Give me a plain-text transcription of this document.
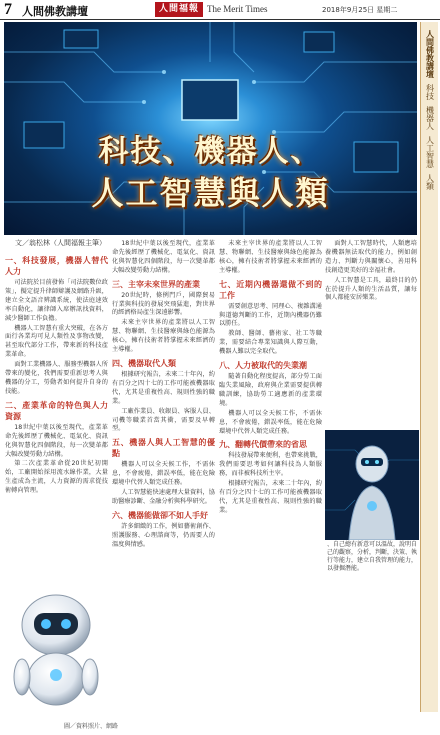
7 人間佛教講壇	人間福報 The Merit Times	2018年9月25日 星期二
科技、機器人、
人工智慧與人類
人間佛教講壇
科技
機器人
人工智慧
人類
文／翁松林（人間福報主筆）
一、科技發展，機器人替代人力

司法院於目前發佈「司法院數位政策」，擬定提升律師辯護及網路升級，建立全文語音辨識系統，使法庭速效率自動化，讓律師入席辦訊找資料，減少醫師工作負擔。

機器人工智慧有重大突破，在各方面行各業均可見人類性及事物改變，甚至取代部分工作，帶來新的科技產業革命。

面對工業機器人、服務型機器人所帶來的變化，我們需要重新思考人與機器的分工，勞動者如何提升自身的技能。

二、產業革命的特色與人力資源

18世紀中葉以後至現代，產業革命先後經歷了機械化、電氣化、資訊化與智慧化四個階段，每一次變革都大幅改變勞動力結構。

第二次產業革命從20世紀初開始，工廠開始採用流水線作業，大量生產成為主流，人力資源的需求從技術轉向管理。

圖／資料照片、網路

18世紀中葉以後至現代，產業革命先後經歷了機械化、電氣化、資訊化與智慧化四個階段，每一次變革都大幅改變勞動力結構。

三、主宰未來世界的產業

20世紀時，條例門戶，國際貿易行業與科技的發展突飛猛進，對世界的經濟格局產生深遠影響。

未來主宰世界的產業將以人工智慧、物聯網、生技醫療與綠色能源為核心，擁有技術者將掌握未來經濟的主導權。

四、機器取代人類

根據研究報告，未來二十年內，約有百分之四十七的工作可能被機器取代，尤其是重複性高、規則性強的職業。

工廠作業員、收銀員、客服人員、司機等職業首當其衝，需要及早轉型。

五、機器人與人工智慧的優點

機器人可以全天候工作，不需休息，不會疲倦，錯誤率低，能在危險環境中代替人類完成任務。

人工智慧能快速處理大量資料，協助醫療診斷、金融分析與科學研究。

六、機器能做卻不如人手好

許多細緻的工作，例如藝術創作、照護服務、心理諮商等，仍需要人的溫度與情感。

未來主宰世界的產業將以人工智慧、物聯網、生技醫療與綠色能源為核心，擁有技術者將掌握未來經濟的主導權。

七、近期內機器還做不到的工作

需要創意思考、同理心、複雜溝通與道德判斷的工作，近期內機器仍難以勝任。

教師、醫師、藝術家、社工等職業，需要結合專業知識與人際互動，機器人難以完全取代。

八、人力被取代的失業潮

隨著自動化程度提高，部分勞工面臨失業風險，政府與企業需要提供轉職訓練，協助勞工適應新的產業環境。

機器人可以全天候工作，不需休息，不會疲倦，錯誤率低，能在危險環境中代替人類完成任務。

九、翻轉代價帶來的省思

科技發展帶來便利，也帶來挑戰，我們需要思考如何讓科技為人類服務，而非被科技所主宰。

根據研究報告，未來二十年內，約有百分之四十七的工作可能被機器取代，尤其是重複性高、規則性強的職業。

面對人工智慧時代，人類應培養機器無法取代的能力，例如創造力、判斷力與關懷心，善用科技創造更美好的幸福社會。

人工智慧是工具，最終目的仍在於提升人類的生活品質，讓每個人都能安居樂業。

、自己總有新意可以溫故，說明自己的觀察，分析，判斷，決策、執行等能力，建立自我管理的能力，以發掘潛能。
